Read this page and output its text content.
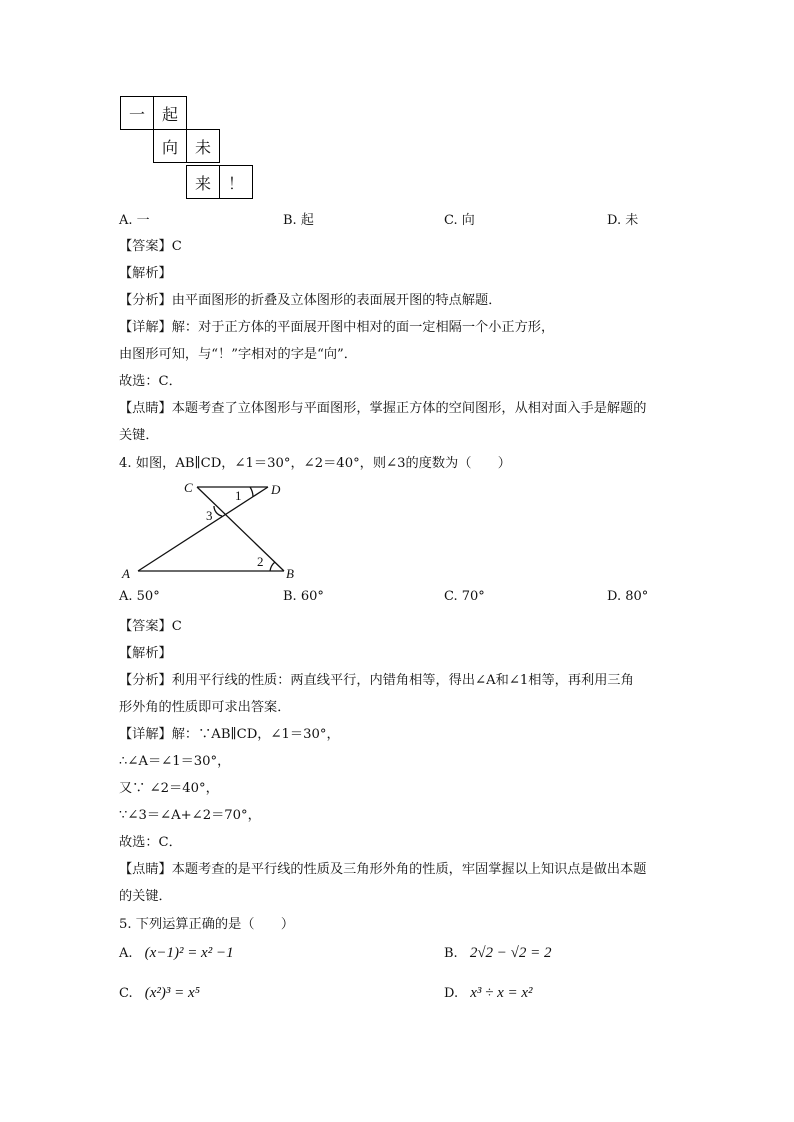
一	起
向	未
来	！
A. 一	B. 起	C. 向	D. 未
【答案】C
【解析】
【分析】由平面图形的折叠及立体图形的表面展开图的特点解题．
【详解】解：对于正方体的平面展开图中相对的面一定相隔一个小正方形，
由图形可知，与“！”字相对的字是“向”．
故选：C．
【点睛】本题考查了立体图形与平面图形，掌握正方体的空间图形，从相对面入手是解题的
关键．
4. 如图，AB∥CD，∠1＝30°，∠2＝40°，则∠3的度数为（　　）
C	D
A	B
1
2
3
A. 50°	B. 60°	C. 70°	D. 80°
【答案】C
【解析】
【分析】利用平行线的性质：两直线平行，内错角相等，得出∠A和∠1相等，再利用三角
形外角的性质即可求出答案．
【详解】解：∵AB∥CD，∠1＝30°，
∴∠A＝∠1＝30°，
又∵ ∠2＝40°，
∵∠3＝∠A+∠2＝70°，
故选：C．
【点睛】本题考查的是平行线的性质及三角形外角的性质，牢固掌握以上知识点是做出本题
的关键．
5. 下列运算正确的是（　　）
A. (x−1)² = x² −1	B. 2√2 − √2 = 2
C. (x²)³ = x⁵	D. x³ ÷ x = x²
